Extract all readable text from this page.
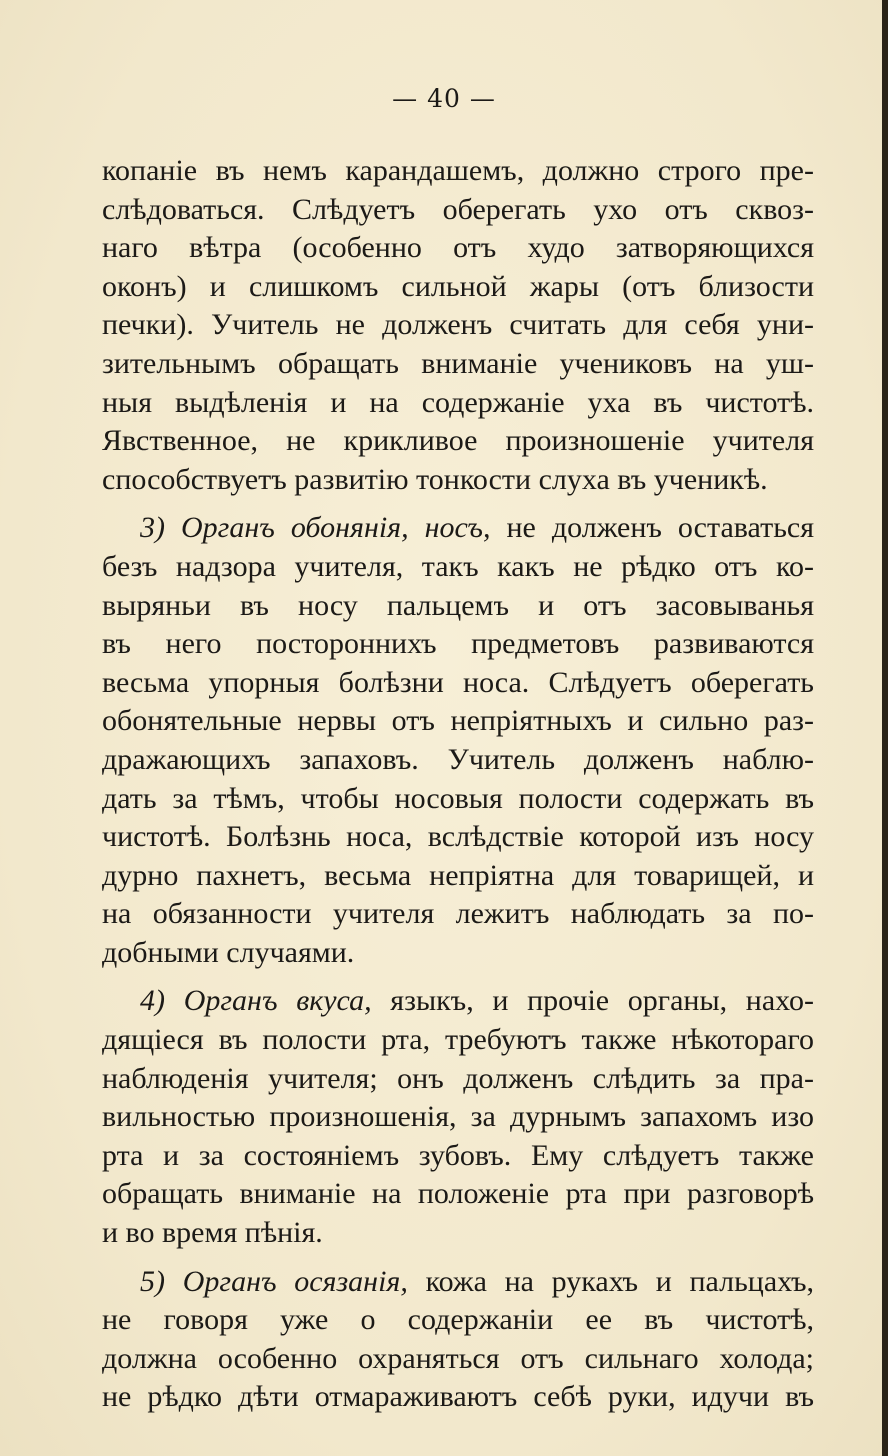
— 40 —
копаніе въ немъ карандашемъ, должно строго пре-
слѣдоваться. Слѣдуетъ оберегать ухо отъ сквоз-
наго вѣтра (особенно отъ худо затворяющихся
оконъ) и слишкомъ сильной жары (отъ близости
печки). Учитель не долженъ считать для себя уни-
зительнымъ обращать вниманіе учениковъ на уш-
ныя выдѣленія и на содержаніе уха въ чистотѣ.
Явственное, не крикливое произношеніе учителя
способствуетъ развитію тонкости слуха въ ученикѣ.
3) Органъ обонянія, носъ, не долженъ оставаться
безъ надзора учителя, такъ какъ не рѣдко отъ ко-
выряньи въ носу пальцемъ и отъ засовыванья
въ него постороннихъ предметовъ развиваются
весьма упорныя болѣзни носа. Слѣдуетъ оберегать
обонятельные нервы отъ непріятныхъ и сильно раз-
дражающихъ запаховъ. Учитель долженъ наблю-
дать за тѣмъ, чтобы носовыя полости содержать въ
чистотѣ. Болѣзнь носа, вслѣдствіе которой изъ носу
дурно пахнетъ, весьма непріятна для товарищей, и
на обязанности учителя лежитъ наблюдать за по-
добными случаями.
4) Органъ вкуса, языкъ, и прочіе органы, нахо-
дящіеся въ полости рта, требуютъ также нѣкотораго
наблюденія учителя; онъ долженъ слѣдить за пра-
вильностью произношенія, за дурнымъ запахомъ изо
рта и за состояніемъ зубовъ. Ему слѣдуетъ также
обращать вниманіе на положеніе рта при разговорѣ
и во время пѣнія.
5) Органъ осязанія, кожа на рукахъ и пальцахъ,
не говоря уже о содержаніи ее въ чистотѣ,
должна особенно охраняться отъ сильнаго холода;
не рѣдко дѣти отмараживаютъ себѣ руки, идучи въ
